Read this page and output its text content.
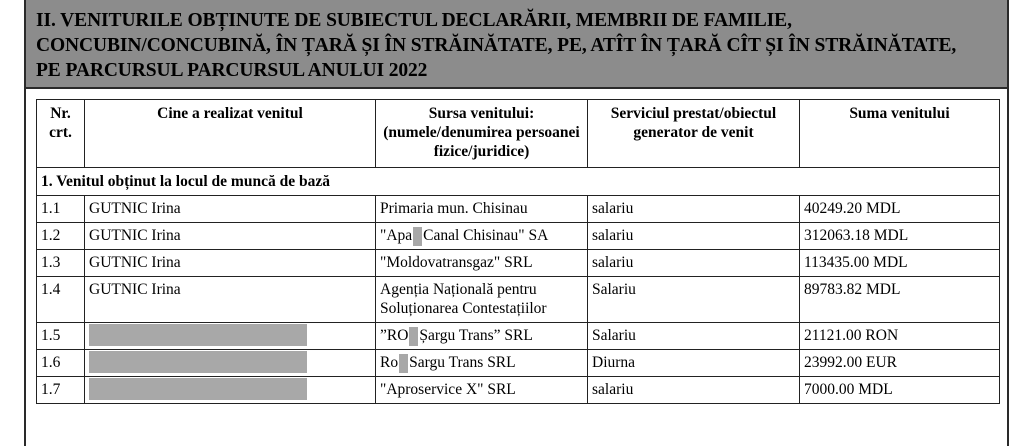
II. VENITURILE OBȚINUTE DE SUBIECTUL DECLARĂRII, MEMBRII DE FAMILIE,
CONCUBIN/CONCUBINĂ, ÎN ȚARĂ ȘI ÎN STRĂINĂTATE, PE, ATÎT ÎN ȚARĂ CÎT ȘI ÎN STRĂINĂTATE,
PE PARCURSUL PARCURSUL ANULUI 2022
Nr. crt.	Cine a realizat venitul	Sursa venitului: (numele/denumirea persoanei fizice/juridice)	Serviciul prestat/obiectul generator de venit	Suma venitului
1. Venitul obținut la locul de muncă de bază				
1.1	GUTNIC Irina	Primaria mun. Chisinau	salariu	40249.20 MDL
1.2	GUTNIC Irina	"Apa Canal Chisinau" SA	salariu	312063.18 MDL
1.3	GUTNIC Irina	"Moldovatransgaz" SRL	salariu	113435.00 MDL
1.4	GUTNIC Irina	Agenția Națională pentru Soluționarea Contestațiilor	Salariu	89783.82 MDL
1.5		”RO Șargu Trans” SRL	Salariu	21121.00 RON
1.6		Ro Sargu Trans SRL	Diurna	23992.00 EUR
1.7		"Aproservice X" SRL	salariu	7000.00 MDL
